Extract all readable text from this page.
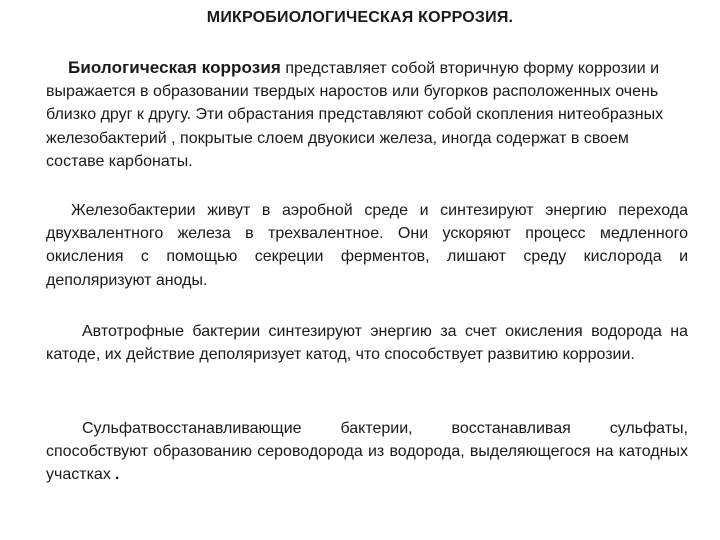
МИКРОБИОЛОГИЧЕСКАЯ КОРРОЗИЯ.

Биологическая коррозия представляет собой вторичную форму коррозии и выражается в образовании твердых наростов или бугорков расположенных очень близко друг к другу. Эти обрастания представляют собой скопления нитеобразных железобактерий , покрытые слоем двуокиси железа, иногда содержат в своем составе карбонаты.

Железобактерии живут в аэробной среде и синтезируют энергию перехода двухвалентного железа в трехвалентное. Они ускоряют процесс медленного окисления с помощью секреции ферментов, лишают среду кислорода и деполяризуют аноды.

Автотрофные бактерии синтезируют энергию за счет окисления водорода на катоде, их действие деполяризует катод, что способствует развитию коррозии.

Сульфатвосстанавливающие бактерии, восстанавливая сульфаты, способствуют образованию сероводорода из водорода, выделяющегося на катодных участках .
